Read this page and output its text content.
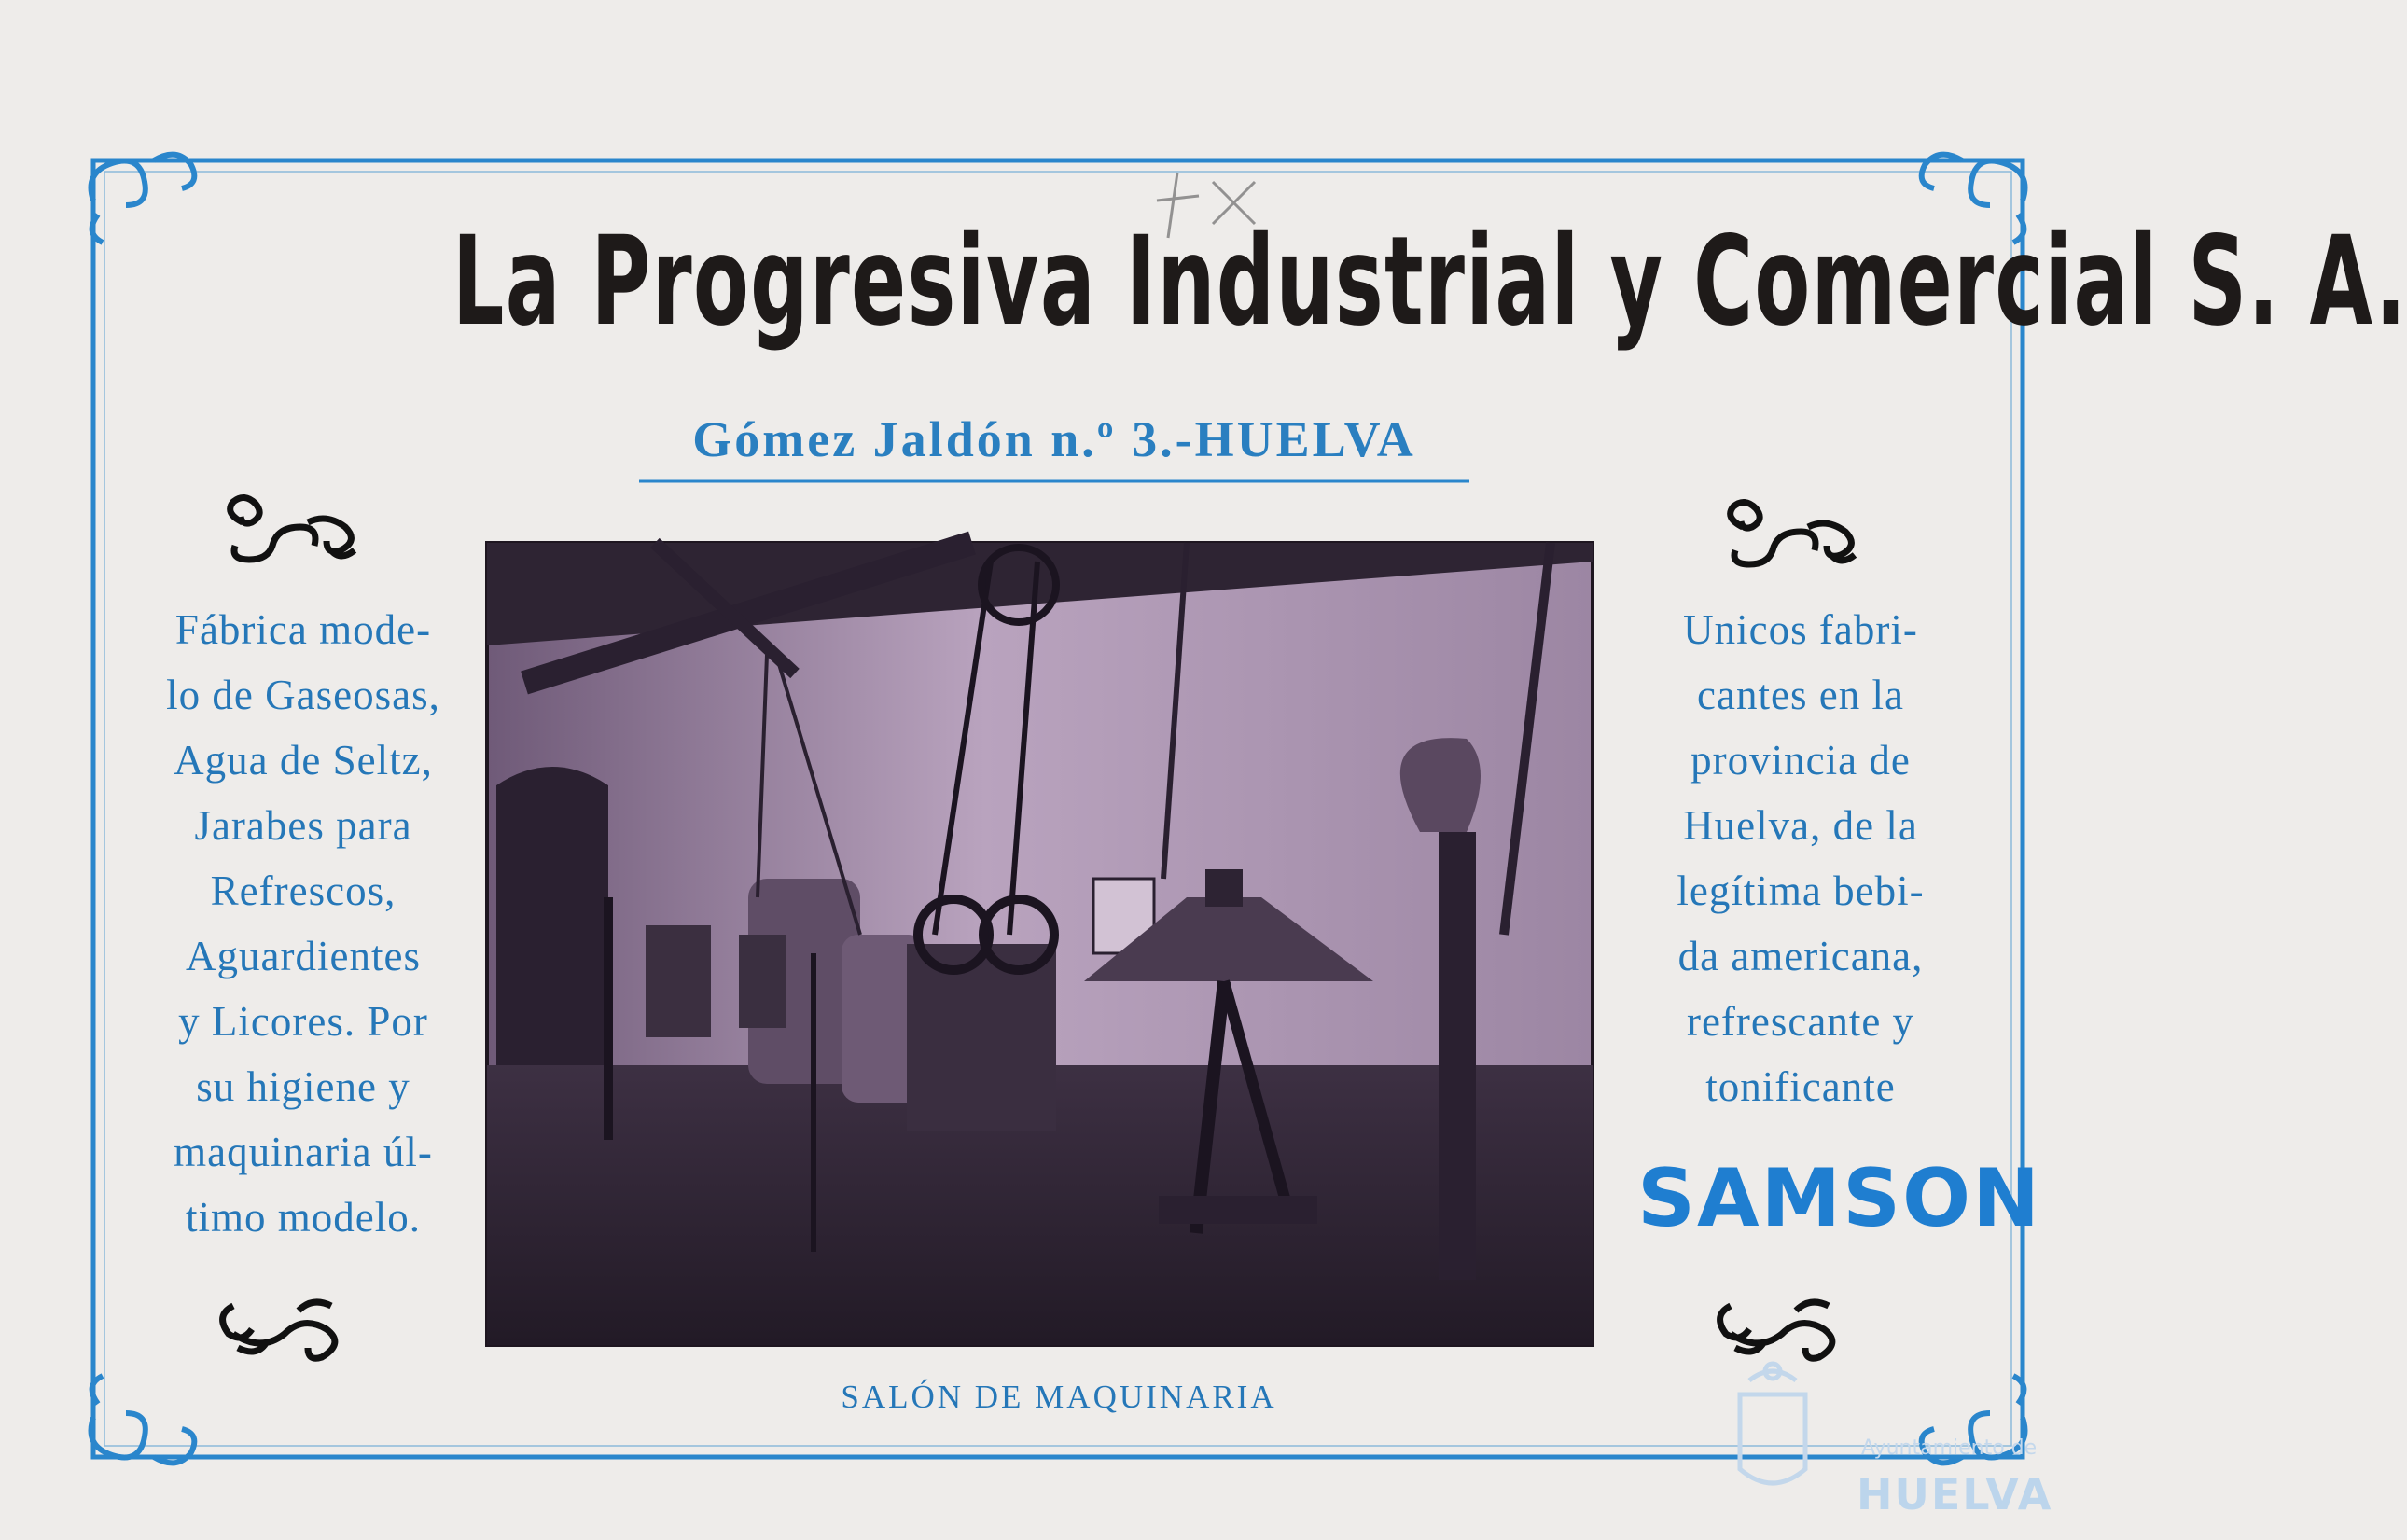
La Progresiva Industrial y Comercial S. A.
Gómez Jaldón n.º 3.-HUELVA
Fábrica mode-
lo de Gaseosas,
Agua de Seltz,
Jarabes para
Refrescos,
Aguardientes
y Licores. Por
su higiene y
maquinaria úl-
timo modelo.
Unicos fabri-
cantes en la
provincia de
Huelva, de la
legítima bebi-
da americana,
refrescante y
tonificante
SAMSON
SALÓN DE MAQUINARIA
Ayuntamiento de
HUELVA
